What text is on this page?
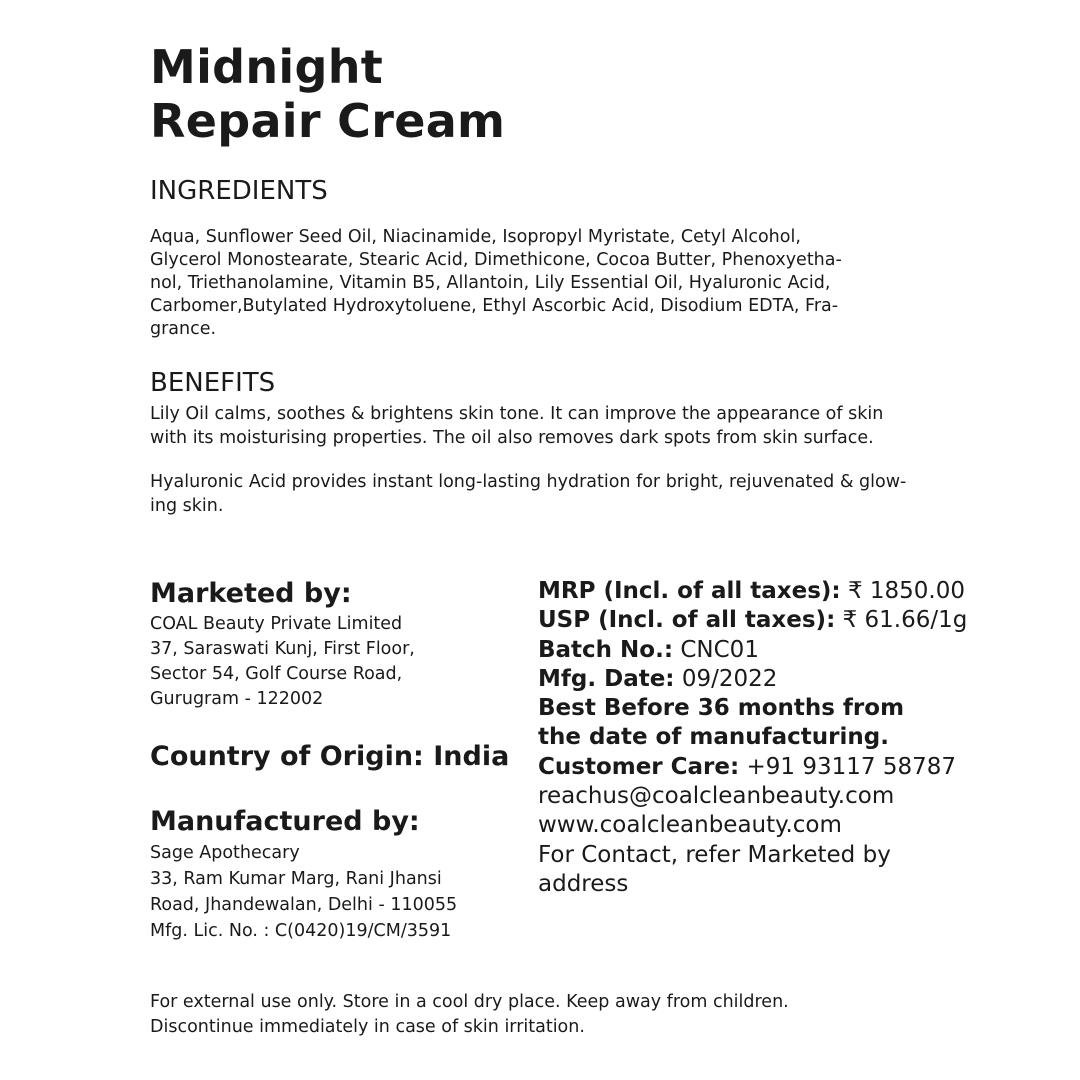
Midnight
Repair Cream
INGREDIENTS
Aqua, Sunflower Seed Oil, Niacinamide, Isopropyl Myristate, Cetyl Alcohol,
Glycerol Monostearate, Stearic Acid, Dimethicone, Cocoa Butter, Phenoxyetha-
nol, Triethanolamine, Vitamin B5, Allantoin, Lily Essential Oil, Hyaluronic Acid,
Carbomer,Butylated Hydroxytoluene, Ethyl Ascorbic Acid, Disodium EDTA, Fra-
grance.
BENEFITS
Lily Oil calms, soothes & brightens skin tone. It can improve the appearance of skin
with its moisturising properties. The oil also removes dark spots from skin surface.
Hyaluronic Acid provides instant long-lasting hydration for bright, rejuvenated & glow-
ing skin.
Marketed by:
COAL Beauty Private Limited
37, Saraswati Kunj, First Floor,
Sector 54, Golf Course Road,
Gurugram - 122002
Country of Origin: India
Manufactured by:
Sage Apothecary
33, Ram Kumar Marg, Rani Jhansi
Road, Jhandewalan, Delhi - 110055
Mfg. Lic. No. : C(0420)19/CM/3591
MRP (Incl. of all taxes): ₹ 1850.00
USP (Incl. of all taxes): ₹ 61.66/1g
Batch No.: CNC01
Mfg. Date: 09/2022
Best Before 36 months from
the date of manufacturing.
Customer Care: +91 93117 58787
reachus@coalcleanbeauty.com
www.coalcleanbeauty.com
For Contact, refer Marketed by
address
For external use only. Store in a cool dry place. Keep away from children.
Discontinue immediately in case of skin irritation.
